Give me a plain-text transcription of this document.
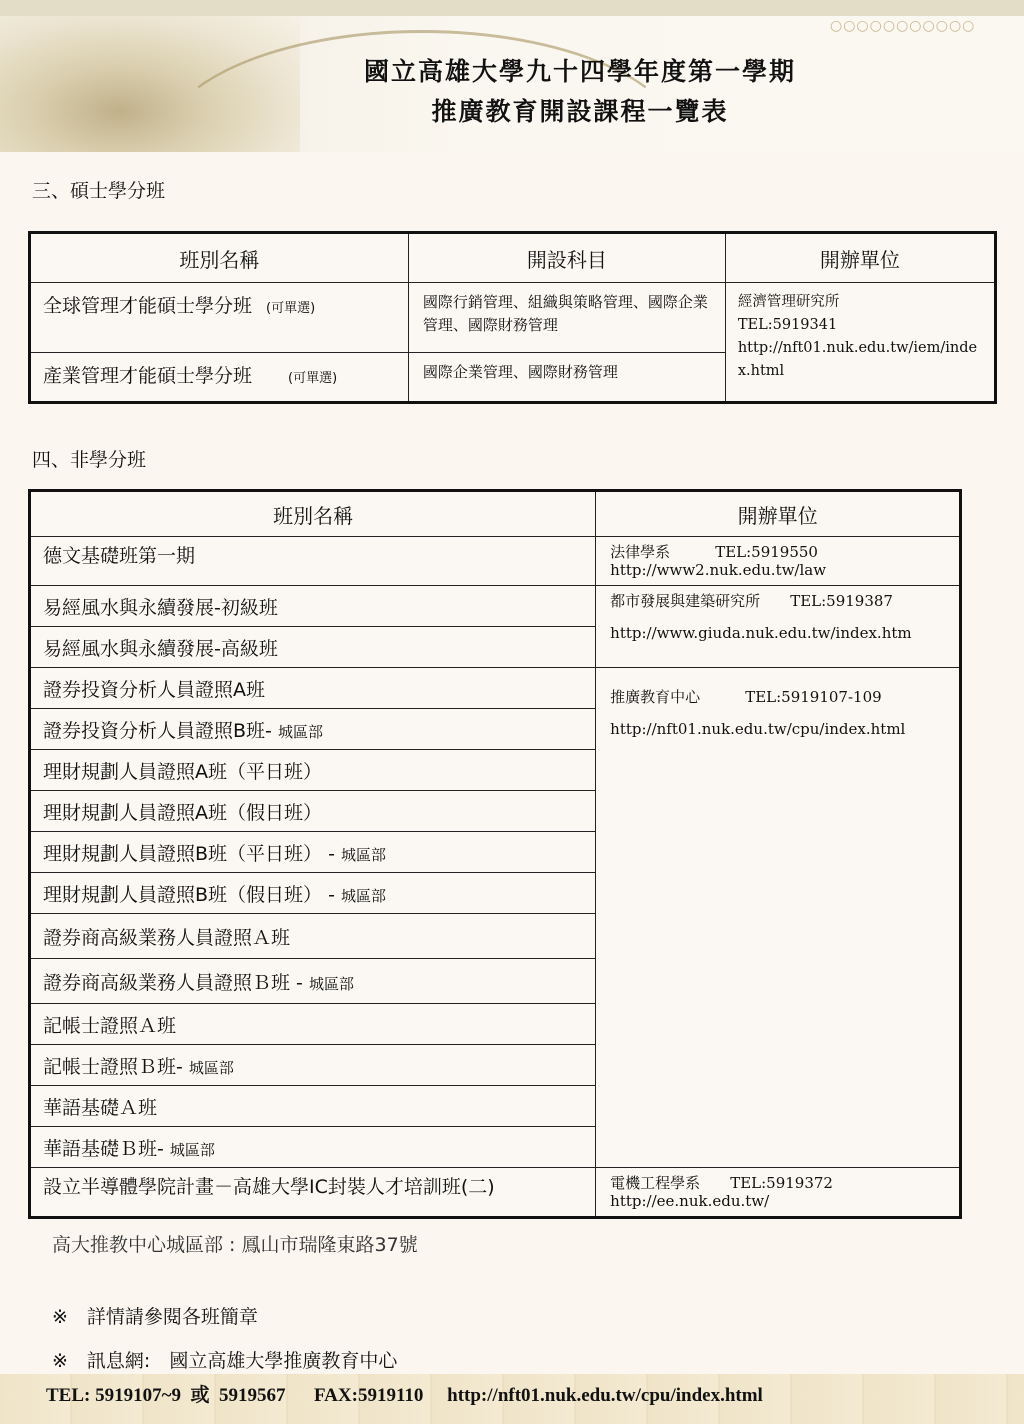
○○○○○○○○○○○
國立高雄大學九十四學年度第一學期
推廣教育開設課程一覽表
三、碩士學分班
班別名稱	開設科目	開辦單位
全球管理才能碩士學分班 (可單選)	國際行銷管理、組織與策略管理、國際企業管理、國際財務管理	經濟管理研究所
TEL:5919341
http://nft01.nuk.edu.tw/iem/index.html

產業管理才能碩士學分班 (可單選)	國際企業管理、國際財務管理	
四、非學分班
班別名稱	開辦單位
德文基礎班第一期	法律學系　　　 TEL:5919550
http://www2.nuk.edu.tw/law

易經風水與永續發展-初級班	都市發展與建築研究所　　 TEL:5919387
http://www.giuda.nuk.edu.tw/index.htm

易經風水與永續發展-高級班	
證券投資分析人員證照A班	推廣教育中心　　　 TEL:5919107-109
http://nft01.nuk.edu.tw/cpu/index.html

證券投資分析人員證照B班- 城區部	
理財規劃人員證照A班（平日班）	
理財規劃人員證照A班（假日班）	
理財規劃人員證照B班（平日班） - 城區部	
理財規劃人員證照B班（假日班） - 城區部	
證券商高級業務人員證照Ａ班	
證券商高級業務人員證照Ｂ班 - 城區部	
記帳士證照Ａ班	
記帳士證照Ｂ班- 城區部	
華語基礎Ａ班	
華語基礎Ｂ班- 城區部	
設立半導體學院計畫－高雄大學IC封裝人才培訓班(二)	電機工程學系　　 TEL:5919372
http://ee.nuk.edu.tw/
高大推教中心城區部 : 鳳山市瑞隆東路37號
※　詳情請參閱各班簡章
※　訊息網:　國立高雄大學推廣教育中心
TEL: 5919107~9  或  5919567      FAX:5919110     http://nft01.nuk.edu.tw/cpu/index.html
